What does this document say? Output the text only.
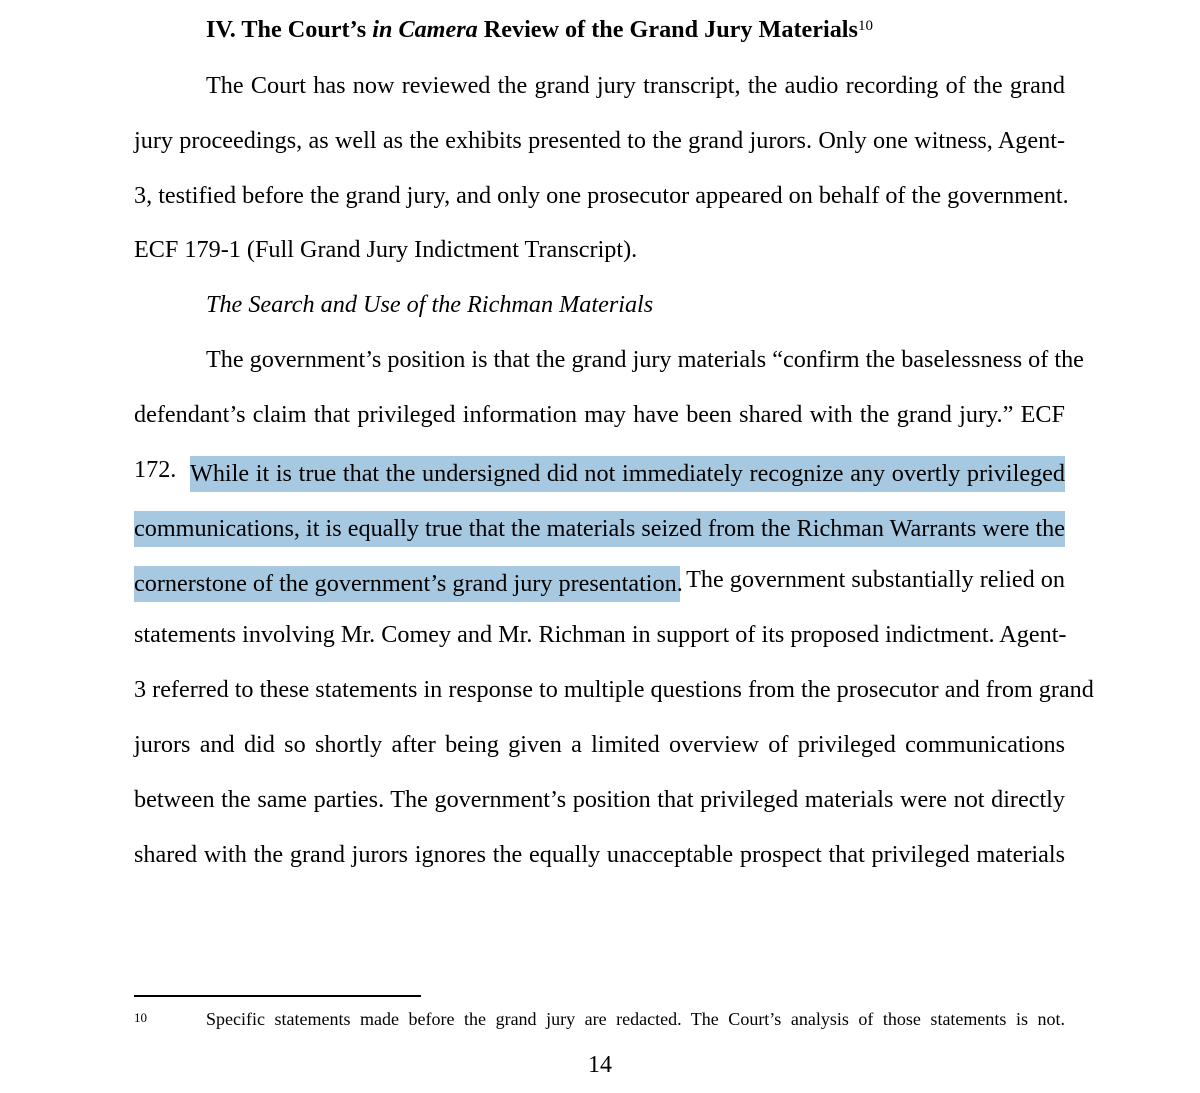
IV. The Court’s in Camera Review of the Grand Jury Materials$^{10}$
The Court has now reviewed the grand jury transcript, the audio recording of the grand
jury proceedings, as well as the exhibits presented to the grand jurors. Only one witness, Agent-
3, testified before the grand jury, and only one prosecutor appeared on behalf of the government.
ECF 179-1 (Full Grand Jury Indictment Transcript).
The Search and Use of the Richman Materials
The government’s position is that the grand jury materials “confirm the baselessness of the
defendant’s claim that privileged information may have been shared with the grand jury.” ECF
172. While it is true that the undersigned did not immediately recognize any overtly privileged
communications, it is equally true that the materials seized from the Richman Warrants were the
cornerstone of the government’s grand jury presentation. The government substantially relied on
statements involving Mr. Comey and Mr. Richman in support of its proposed indictment. Agent-
3 referred to these statements in response to multiple questions from the prosecutor and from grand
jurors and did so shortly after being given a limited overview of privileged communications
between the same parties. The government’s position that privileged materials were not directly
shared with the grand jurors ignores the equally unacceptable prospect that privileged materials
10	Specific statements made before the grand jury are redacted. The Court’s analysis of those statements is not.
14
